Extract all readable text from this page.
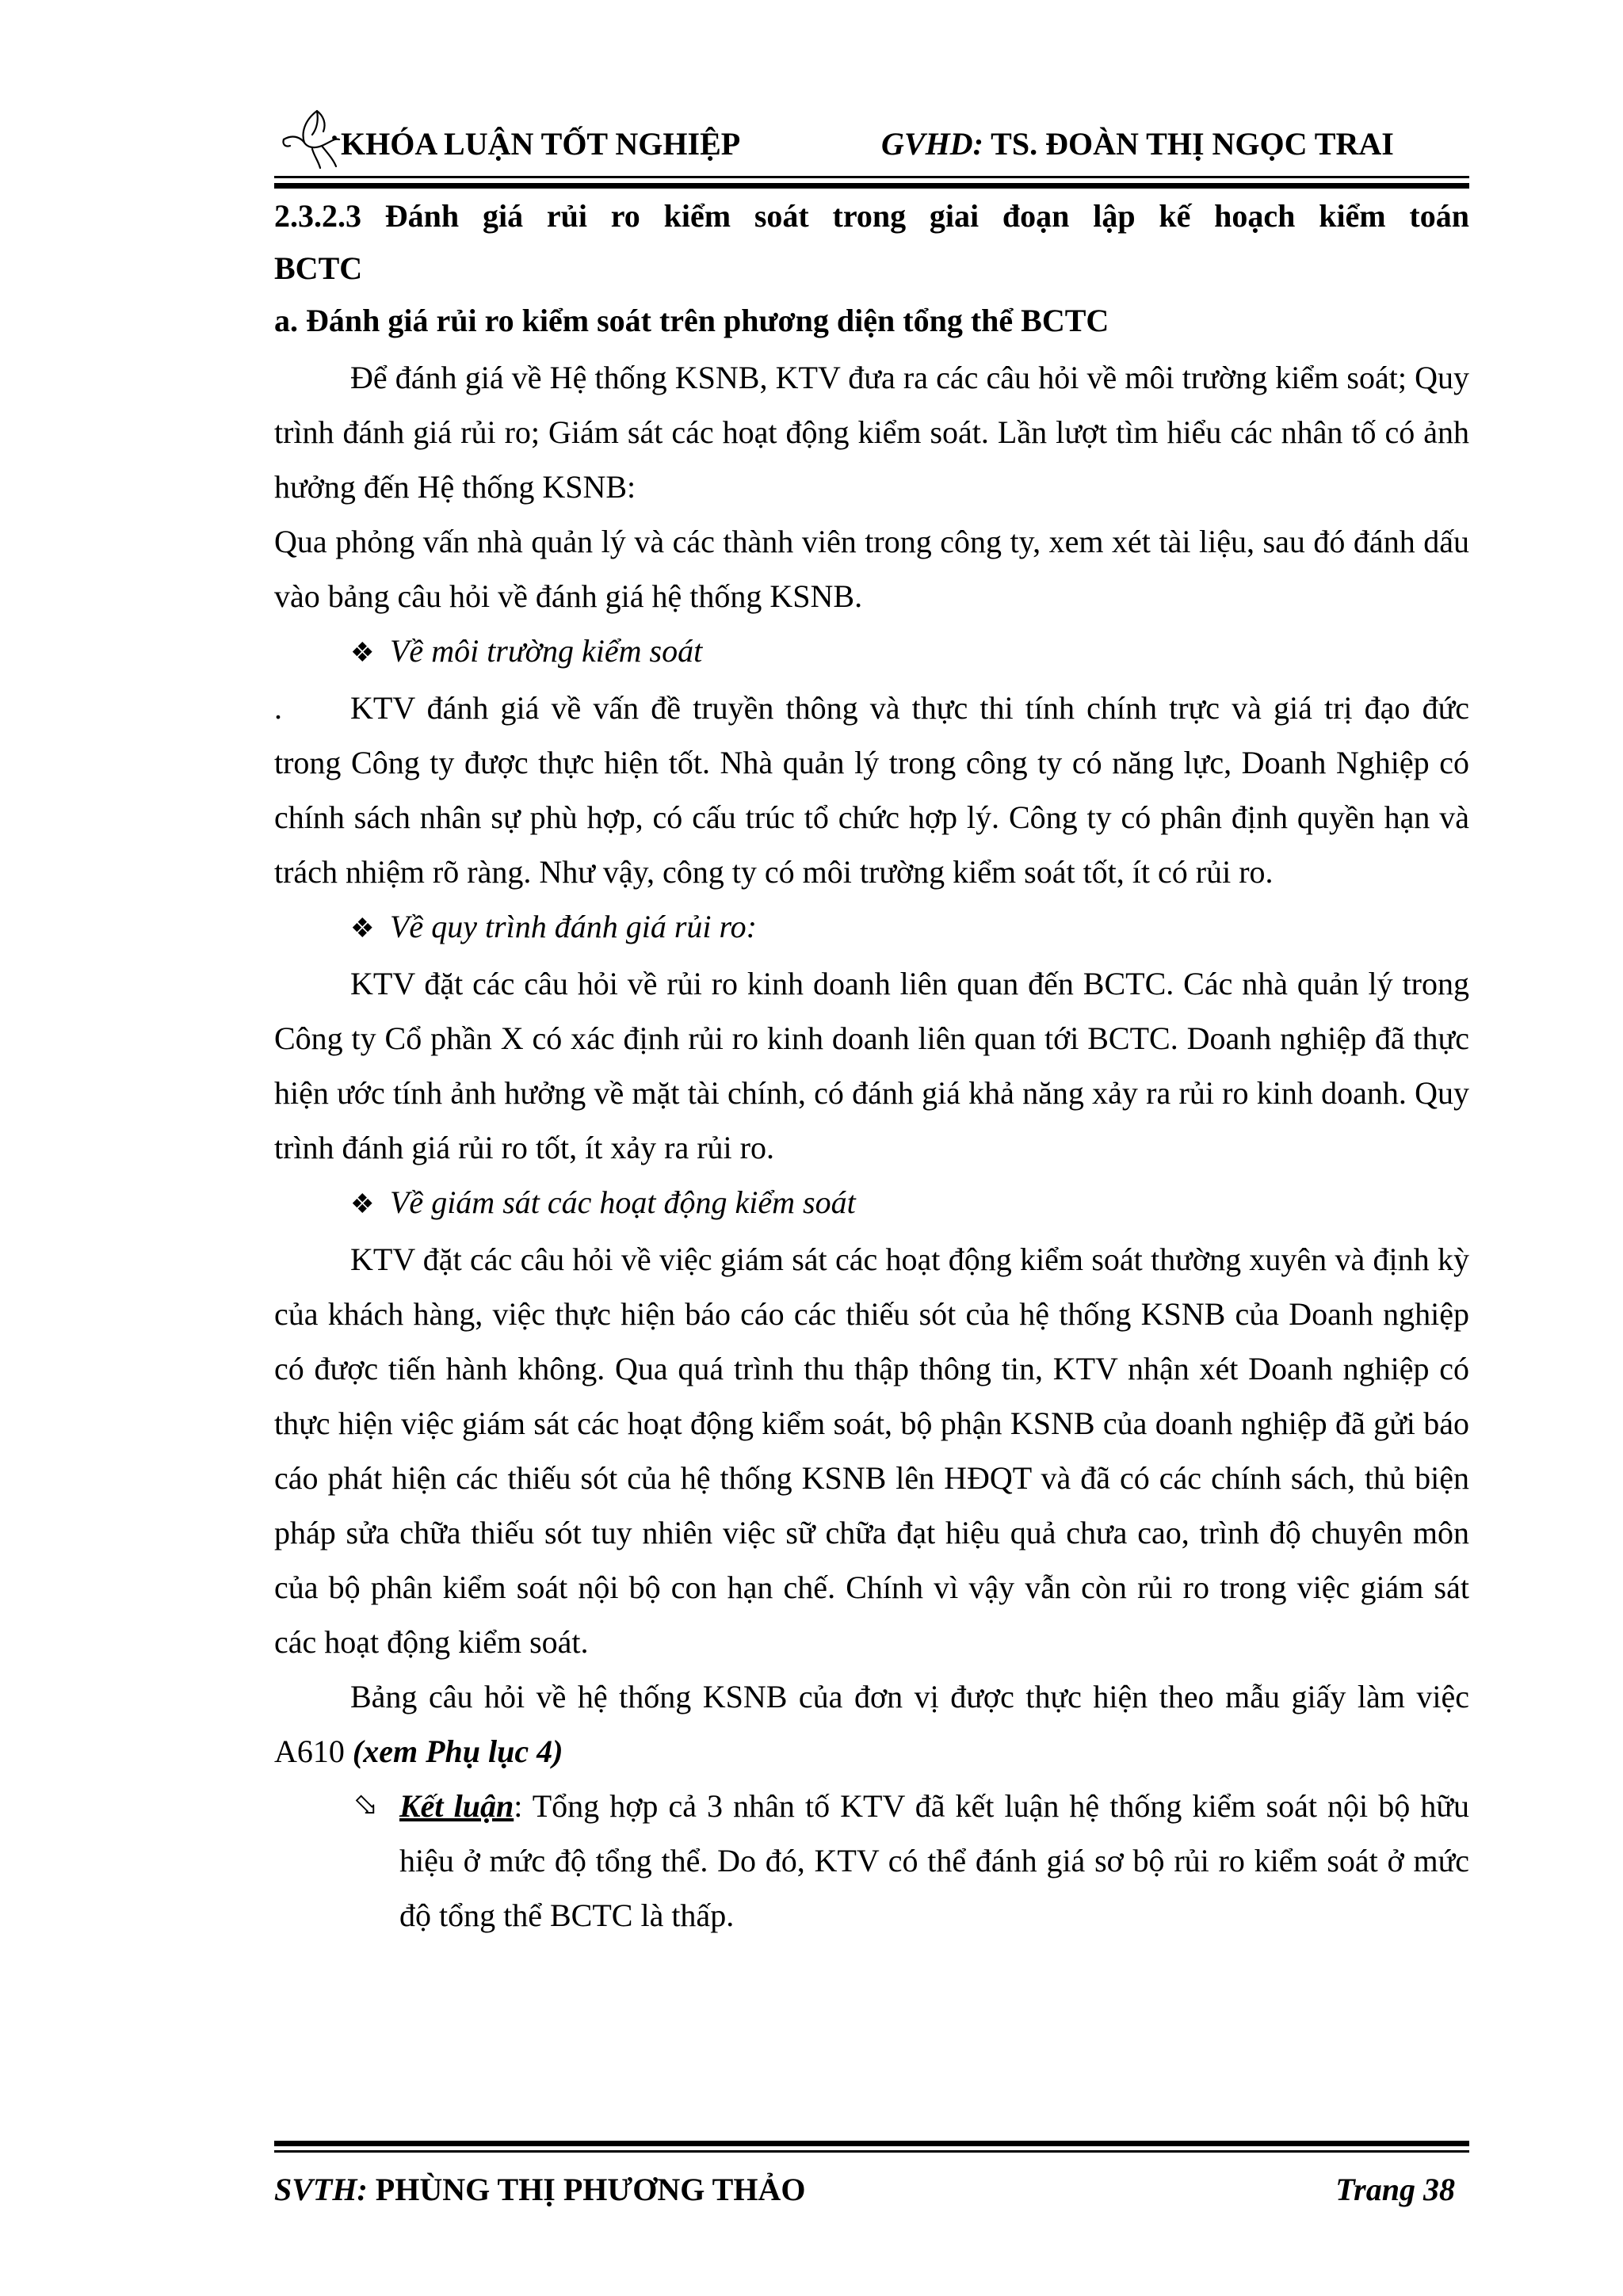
KHÓA LUẬN TỐT NGHIỆP	GVHD: TS. ĐOÀN THỊ NGỌC TRAI

2.3.2.3 Đánh giá rủi ro kiểm soát trong giai đoạn lập kế hoạch kiểm toán

BCTC

a. Đánh giá rủi ro kiểm soát trên phương diện tổng thể BCTC

Để đánh giá về Hệ thống KSNB, KTV đưa ra các câu hỏi về môi trường kiểm soát; Quy trình đánh giá rủi ro; Giám sát các hoạt động kiểm soát. Lần lượt tìm hiểu các nhân tố có ảnh hưởng đến Hệ thống KSNB:

Qua phỏng vấn nhà quản lý và các thành viên trong công ty, xem xét tài liệu, sau đó đánh dấu vào bảng câu hỏi về đánh giá hệ thống KSNB.

❖ Về môi trường kiểm soát

. KTV đánh giá về vấn đề truyền thông và thực thi tính chính trực và giá trị đạo đức trong Công ty được thực hiện tốt. Nhà quản lý trong công ty có năng lực, Doanh Nghiệp có chính sách nhân sự phù hợp, có cấu trúc tổ chức hợp lý. Công ty có phân định quyền hạn và trách nhiệm rõ ràng. Như vậy, công ty có môi trường kiểm soát tốt, ít có rủi ro.

❖ Về quy trình đánh giá rủi ro:

KTV đặt các câu hỏi về rủi ro kinh doanh liên quan đến BCTC. Các nhà quản lý trong Công ty Cổ phần X có xác định rủi ro kinh doanh liên quan tới BCTC. Doanh nghiệp đã thực hiện ước tính ảnh hưởng về mặt tài chính, có đánh giá khả năng xảy ra rủi ro kinh doanh. Quy trình đánh giá rủi ro tốt, ít xảy ra rủi ro.

❖ Về giám sát các hoạt động kiểm soát

KTV đặt các câu hỏi về việc giám sát các hoạt động kiểm soát thường xuyên và định kỳ của khách hàng, việc thực hiện báo cáo các thiếu sót của hệ thống KSNB của Doanh nghiệp có được tiến hành không. Qua quá trình thu thập thông tin, KTV nhận xét Doanh nghiệp có thực hiện việc giám sát các hoạt động kiểm soát, bộ phận KSNB của doanh nghiệp đã gửi báo cáo phát hiện các thiếu sót của hệ thống KSNB lên HĐQT và đã có các chính sách, thủ biện pháp sửa chữa thiếu sót tuy nhiên việc sữ chữa đạt hiệu quả chưa cao, trình độ chuyên môn của bộ phân kiểm soát nội bộ con hạn chế. Chính vì vậy vẫn còn rủi ro trong việc giám sát các hoạt động kiểm soát.

Bảng câu hỏi về hệ thống KSNB của đơn vị được thực hiện theo mẫu giấy làm việc A610 (xem Phụ lục 4)

⬂ Kết luận: Tổng hợp cả 3 nhân tố KTV đã kết luận hệ thống kiểm soát nội bộ hữu hiệu ở mức độ tổng thể. Do đó, KTV có thể đánh giá sơ bộ rủi ro kiểm soát ở mức độ tổng thể BCTC là thấp.

SVTH: PHÙNG THỊ PHƯƠNG THẢO	Trang 38
